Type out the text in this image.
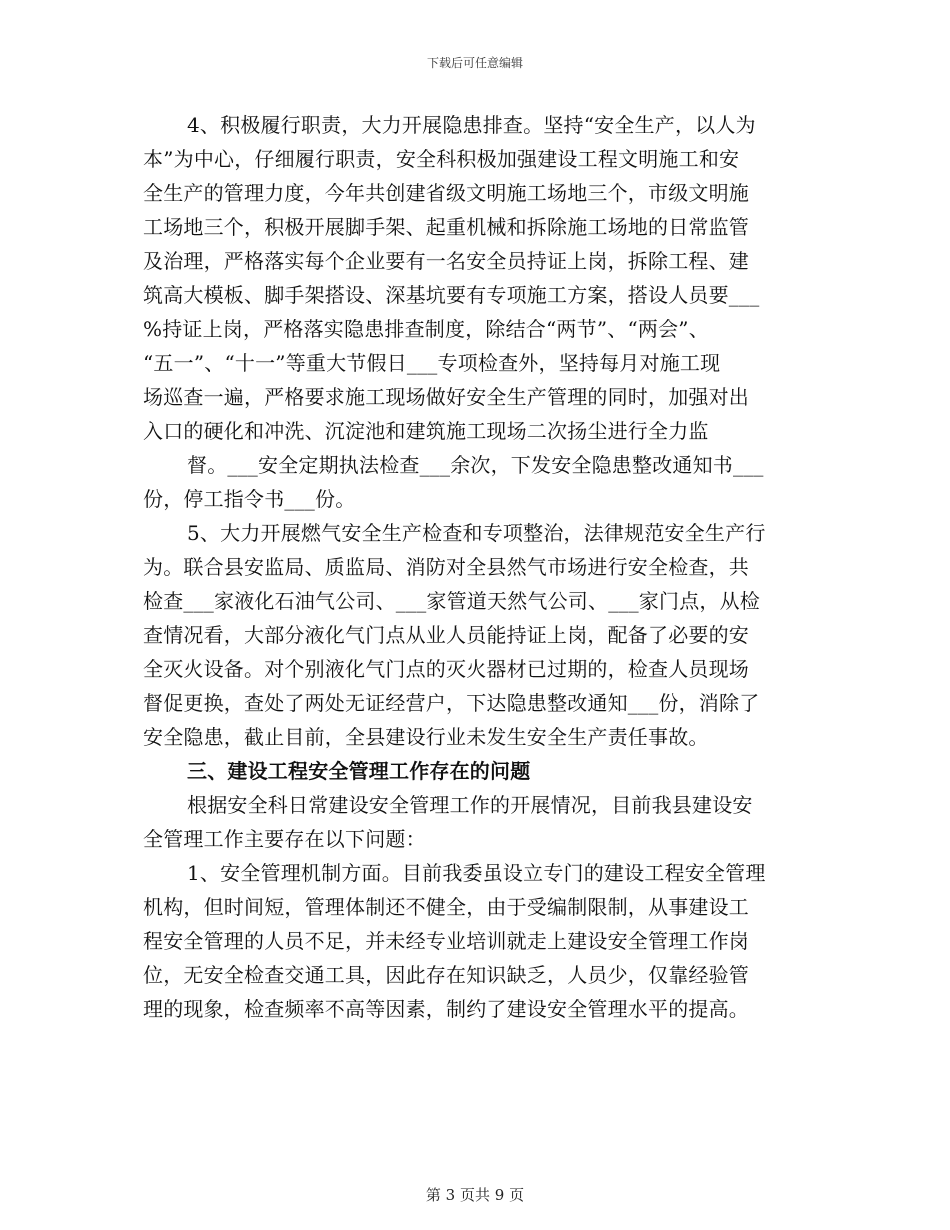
下载后可任意编辑
4、积极履行职责，大力开展隐患排查。坚持“安全生产，以人为
本”为中心，仔细履行职责，安全科积极加强建设工程文明施工和安
全生产的管理力度，今年共创建省级文明施工场地三个，市级文明施
工场地三个，积极开展脚手架、起重机械和拆除施工场地的日常监管
及治理，严格落实每个企业要有一名安全员持证上岗，拆除工程、建
筑高大模板、脚手架搭设、深基坑要有专项施工方案，搭设人员要___
%持证上岗，严格落实隐患排查制度，除结合“两节”、“两会”、
“五一”、“十一”等重大节假日___专项检查外，坚持每月对施工现
场巡查一遍，严格要求施工现场做好安全生产管理的同时，加强对出
入口的硬化和冲洗、沉淀池和建筑施工现场二次扬尘进行全力监
督。___安全定期执法检查___余次，下发安全隐患整改通知书___
份，停工指令书___份。
5、大力开展燃气安全生产检查和专项整治，法律规范安全生产行
为。联合县安监局、质监局、消防对全县然气市场进行安全检查，共
检查___家液化石油气公司、___家管道天然气公司、___家门点，从检
查情况看，大部分液化气门点从业人员能持证上岗，配备了必要的安
全灭火设备。对个别液化气门点的灭火器材已过期的，检查人员现场
督促更换，查处了两处无证经营户，下达隐患整改通知___份，消除了
安全隐患，截止目前，全县建设行业未发生安全生产责任事故。
三、建设工程安全管理工作存在的问题
根据安全科日常建设安全管理工作的开展情况，目前我县建设安
全管理工作主要存在以下问题：
1、安全管理机制方面。目前我委虽设立专门的建设工程安全管理
机构，但时间短，管理体制还不健全，由于受编制限制，从事建设工
程安全管理的人员不足，并未经专业培训就走上建设安全管理工作岗
位，无安全检查交通工具，因此存在知识缺乏，人员少，仅靠经验管
理的现象，检查频率不高等因素，制约了建设安全管理水平的提高。
第 3 页共 9 页
